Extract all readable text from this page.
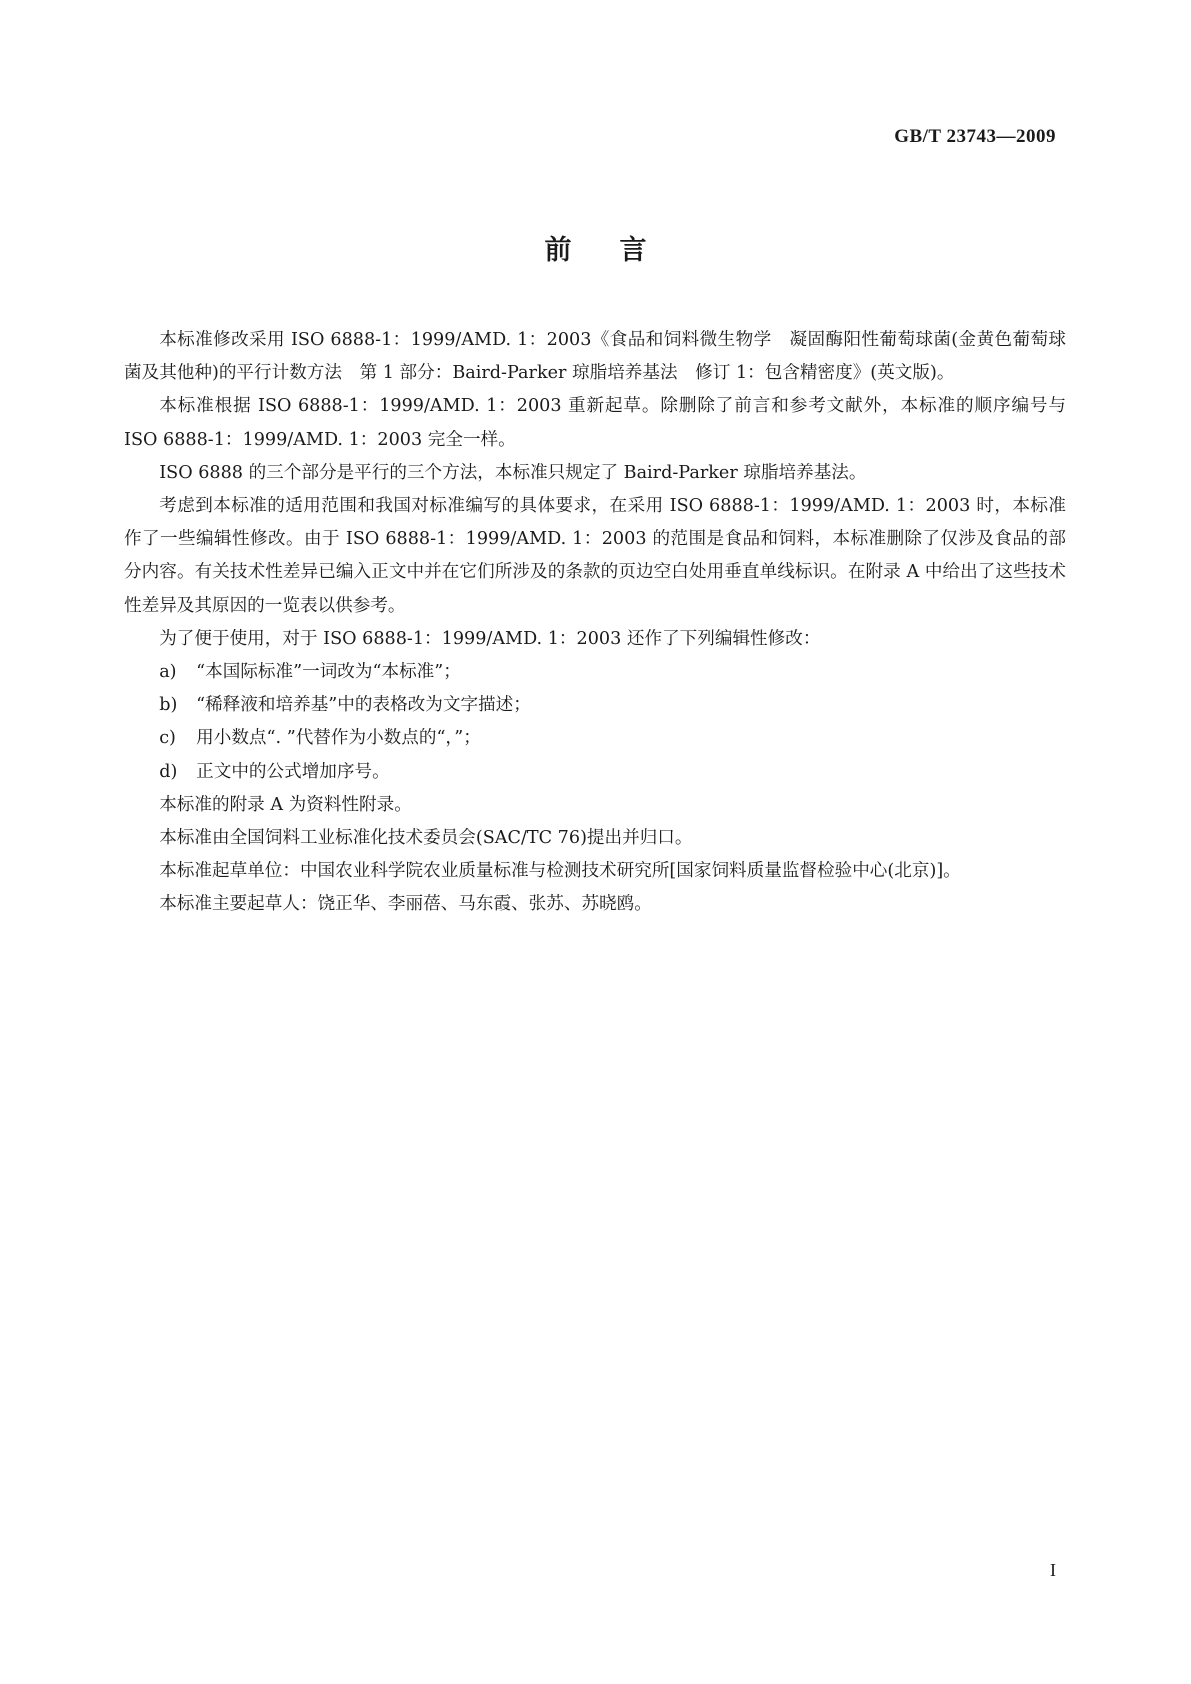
GB/T 23743—2009
前言

本标准修改采用 ISO 6888-1：1999/AMD. 1：2003《食品和饲料微生物学　凝固酶阳性葡萄球菌(金黄色葡萄球菌及其他种)的平行计数方法　第 1 部分：Baird-Parker 琼脂培养基法　修订 1：包含精密度》(英文版)。

本标准根据 ISO 6888-1：1999/AMD. 1：2003 重新起草。除删除了前言和参考文献外，本标准的顺序编号与 ISO 6888-1：1999/AMD. 1：2003 完全一样。

ISO 6888 的三个部分是平行的三个方法，本标准只规定了 Baird-Parker 琼脂培养基法。

考虑到本标准的适用范围和我国对标准编写的具体要求，在采用 ISO 6888-1：1999/AMD. 1：2003 时，本标准作了一些编辑性修改。由于 ISO 6888-1：1999/AMD. 1：2003 的范围是食品和饲料，本标准删除了仅涉及食品的部分内容。有关技术性差异已编入正文中并在它们所涉及的条款的页边空白处用垂直单线标识。在附录 A 中给出了这些技术性差异及其原因的一览表以供参考。

为了便于使用，对于 ISO 6888-1：1999/AMD. 1：2003 还作了下列编辑性修改：

a) “本国际标准”一词改为“本标准”；

b) “稀释液和培养基”中的表格改为文字描述；

c) 用小数点“. ”代替作为小数点的“，”；

d) 正文中的公式增加序号。

本标准的附录 A 为资料性附录。

本标准由全国饲料工业标准化技术委员会(SAC/TC 76)提出并归口。

本标准起草单位：中国农业科学院农业质量标准与检测技术研究所[国家饲料质量监督检验中心(北京)]。

本标准主要起草人：饶正华、李丽蓓、马东霞、张苏、苏晓鸥。

I
